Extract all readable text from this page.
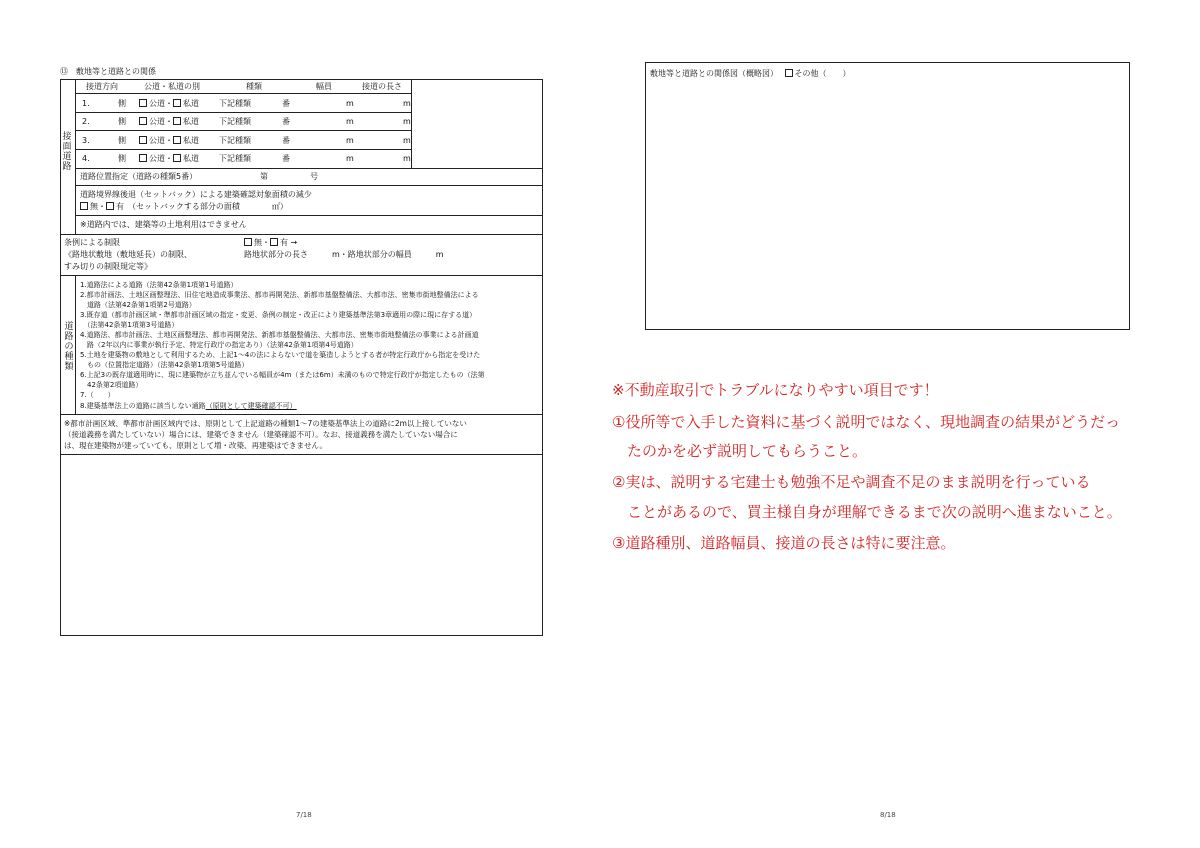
⑬　敷地等と道路との関係
接面道路
接道方向	公道・私道の別	種類	幅員	接道の長さ
1.	側	公道・ 私道	下記種類	番	m	m
2.	側	公道・ 私道	下記種類	番	m	m
3.	側	公道・ 私道	下記種類	番	m	m
4.	側	公道・ 私道	下記種類	番	m	m
道路位置指定（道路の種類5番）	第	号
道路境界線後退（セットバック）による建築確認対象面積の減少
無・ 有　（セットバックする部分の面積　　　　㎡）
※道路内では、建築等の土地利用はできません
条例による制限
《路地状敷地（敷地延長）の制限、
すみ切りの制限規定等》
無・ 有 →
路地状部分の長さ　　　m・路地状部分の幅員　　　m
道路の種類
1.道路法による道路（法第42条第1項第1号道路）
2.都市計画法、土地区画整理法、旧住宅地造成事業法、都市再開発法、新都市基盤整備法、大都市法、密集市街地整備法による
　道路（法第42条第1項第2号道路）
3.既存道（都市計画区域・準都市計画区域の指定・変更、条例の制定・改正により建築基準法第3章適用の際に現に存する道）
　（法第42条第1項第3号道路）
4.道路法、都市計画法、土地区画整理法、都市再開発法、新都市基盤整備法、大都市法、密集市街地整備法の事業による計画道
　路（2年以内に事業が執行予定、特定行政庁の指定あり）（法第42条第1項第4号道路）
5.土地を建築物の敷地として利用するため、上記1～4の法によらないで道を築造しようとする者が特定行政庁から指定を受けた
　もの（位置指定道路）（法第42条第1項第5号道路）
6.上記3の既存道適用時に、現に建築物が立ち並んでいる幅員が4m（または6m）未満のもので特定行政庁が指定したもの（法第
　42条第2項道路）
7.（　　）
8.建築基準法上の道路に該当しない通路（原則として建築確認不可）
※都市計画区域、準都市計画区域内では、原則として上記道路の種類1～7の建築基準法上の道路に2m以上接していない
（接道義務を満たしていない）場合には、建築できません（建築確認不可）。なお、接道義務を満たしていない場合に
は、現在建築物が建っていても、原則として増・改築、再建築はできません。
7/18
敷地等と道路との関係図（概略図） その他（　　）
※不動産取引でトラブルになりやすい項目です！
①役所等で入手した資料に基づく説明ではなく、現地調査の結果がどうだっ
　たのかを必ず説明してもらうこと。
②実は、説明する宅建士も勉強不足や調査不足のまま説明を行っている
　ことがあるので、買主様自身が理解できるまで次の説明へ進まないこと。
③道路種別、道路幅員、接道の長さは特に要注意。
8/18
